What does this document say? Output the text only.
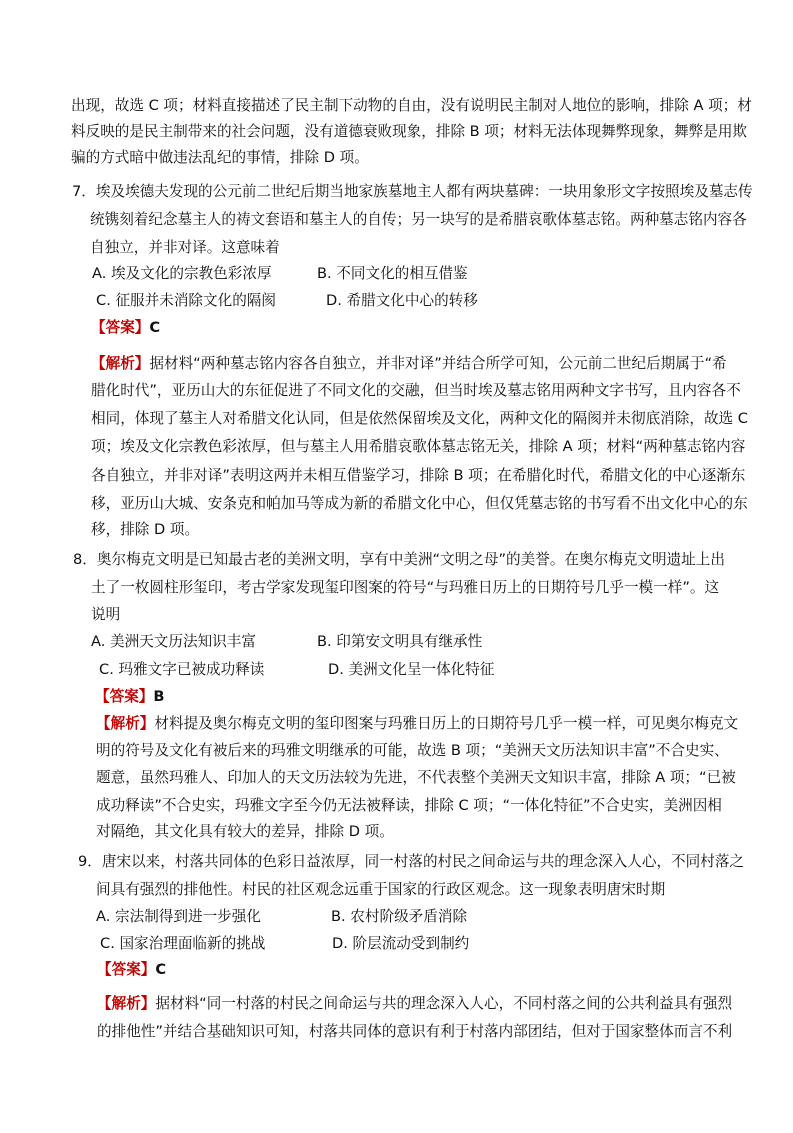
出现，故选 C 项；材料直接描述了民主制下动物的自由，没有说明民主制对人地位的影响，排除 A 项；材
料反映的是民主制带来的社会问题，没有道德衰败现象，排除 B 项；材料无法体现舞弊现象，舞弊是用欺
骗的方式暗中做违法乱纪的事情，排除 D 项。
7．埃及埃德夫发现的公元前二世纪后期当地家族墓地主人都有两块墓碑：一块用象形文字按照埃及墓志传
统镌刻着纪念墓主人的祷文套语和墓主人的自传；另一块写的是希腊哀歌体墓志铭。两种墓志铭内容各
自独立，并非对译。这意味着
A. 埃及文化的宗教色彩浓厚	B. 不同文化的相互借鉴
C. 征服并未消除文化的隔阂	D. 希腊文化中心的转移
【答案】C
【解析】据材料“两种墓志铭内容各自独立，并非对译”并结合所学可知，公元前二世纪后期属于“希
腊化时代”，亚历山大的东征促进了不同文化的交融，但当时埃及墓志铭用两种文字书写，且内容各不
相同，体现了墓主人对希腊文化认同，但是依然保留埃及文化，两种文化的隔阂并未彻底消除，故选 C
项；埃及文化宗教色彩浓厚，但与墓主人用希腊哀歌体墓志铭无关，排除 A 项；材料“两种墓志铭内容
各自独立，并非对译”表明这两并未相互借鉴学习，排除 B 项；在希腊化时代，希腊文化的中心逐渐东
移，亚历山大城、安条克和帕加马等成为新的希腊文化中心，但仅凭墓志铭的书写看不出文化中心的东
移，排除 D 项。
8．奥尔梅克文明是已知最古老的美洲文明，享有中美洲“文明之母”的美誉。在奥尔梅克文明遗址上出
土了一枚圆柱形玺印，考古学家发现玺印图案的符号“与玛雅日历上的日期符号几乎一模一样”。这
说明
A. 美洲天文历法知识丰富	B. 印第安文明具有继承性
C. 玛雅文字已被成功释读	D. 美洲文化呈一体化特征
【答案】B
【解析】材料提及奥尔梅克文明的玺印图案与玛雅日历上的日期符号几乎一模一样，可见奥尔梅克文
明的符号及文化有被后来的玛雅文明继承的可能，故选 B 项；“美洲天文历法知识丰富”不合史实、
题意，虽然玛雅人、印加人的天文历法较为先进，不代表整个美洲天文知识丰富，排除 A 项；“已被
成功释读”不合史实，玛雅文字至今仍无法被释读，排除 C 项；“一体化特征”不合史实，美洲因相
对隔绝，其文化具有较大的差异，排除 D 项。
9．唐宋以来，村落共同体的色彩日益浓厚，同一村落的村民之间命运与共的理念深入人心，不同村落之
间具有强烈的排他性。村民的社区观念远重于国家的行政区观念。这一现象表明唐宋时期
A. 宗法制得到进一步强化	B. 农村阶级矛盾消除
C. 国家治理面临新的挑战	D. 阶层流动受到制约
【答案】C
【解析】据材料“同一村落的村民之间命运与共的理念深入人心，不同村落之间的公共利益具有强烈
的排他性”并结合基础知识可知，村落共同体的意识有利于村落内部团结，但对于国家整体而言不利
